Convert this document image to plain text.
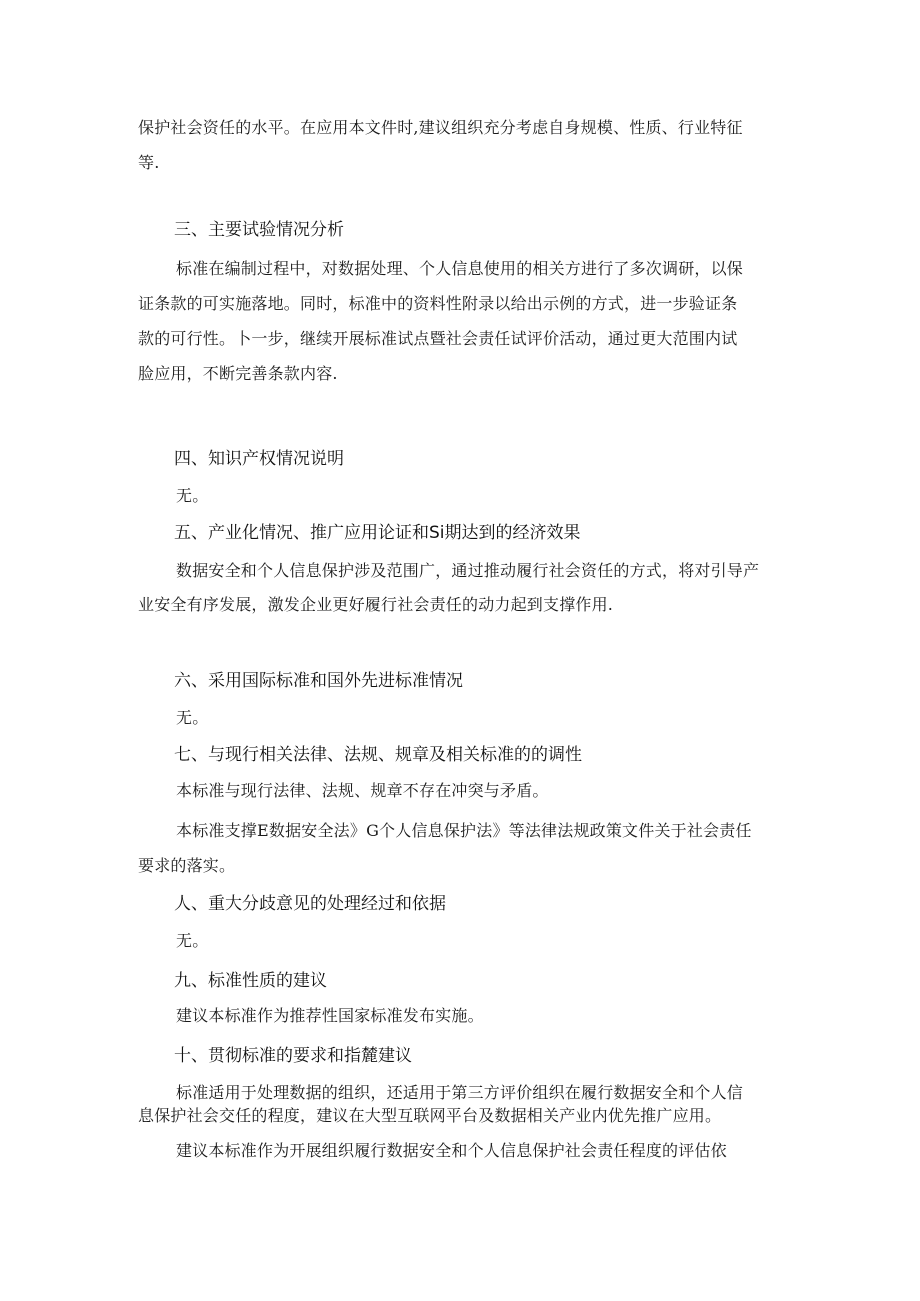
保护社会资任的水平。在应用本文件时,建议组织充分考虑自身规模、性质、行业特征
等.
三、主要试验情况分析
标准在编制过程中，对数据处理、个人信息使用的相关方进行了多次调研，以保
证条款的可实施落地。同时，标准中的资料性附录以给出示例的方式，进一步验证条
款的可行性。卜一步，继续开展标准试点暨社会责任试评价活动，通过更大范围内试
脸应用，不断完善条款内容.
四、知识产权情况说明
无。
五、产业化情况、推广应用论证和Si期达到的经济效果
数据安全和个人信息保护涉及范围广，通过推动履行社会资任的方式，将对引导产
业安全有序发展，激发企业更好履行社会责任的动力起到支撑作用.
六、采用国际标准和国外先进标准情况
无。
七、与现行相关法律、法规、规章及相关标准的的调性
本标准与现行法律、法规、规章不存在冲突与矛盾。
本标准支撑E数据安全法》G个人信息保护法》等法律法规政策文件关于社会责任
要求的落实。
人、重大分歧意见的处理经过和依据
无。
九、标准性质的建议
建议本标准作为推荐性国家标准发布实施。
十、贯彻标准的要求和指麓建议
标准适用于处理数据的组织，还适用于第三方评价组织在履行数据安全和个人信
息保护社会交任的程度，建议在大型互联网平台及数据相关产业内优先推广应用。
建议本标准作为开展组织履行数据安全和个人信息保护社会责任程度的评估依
